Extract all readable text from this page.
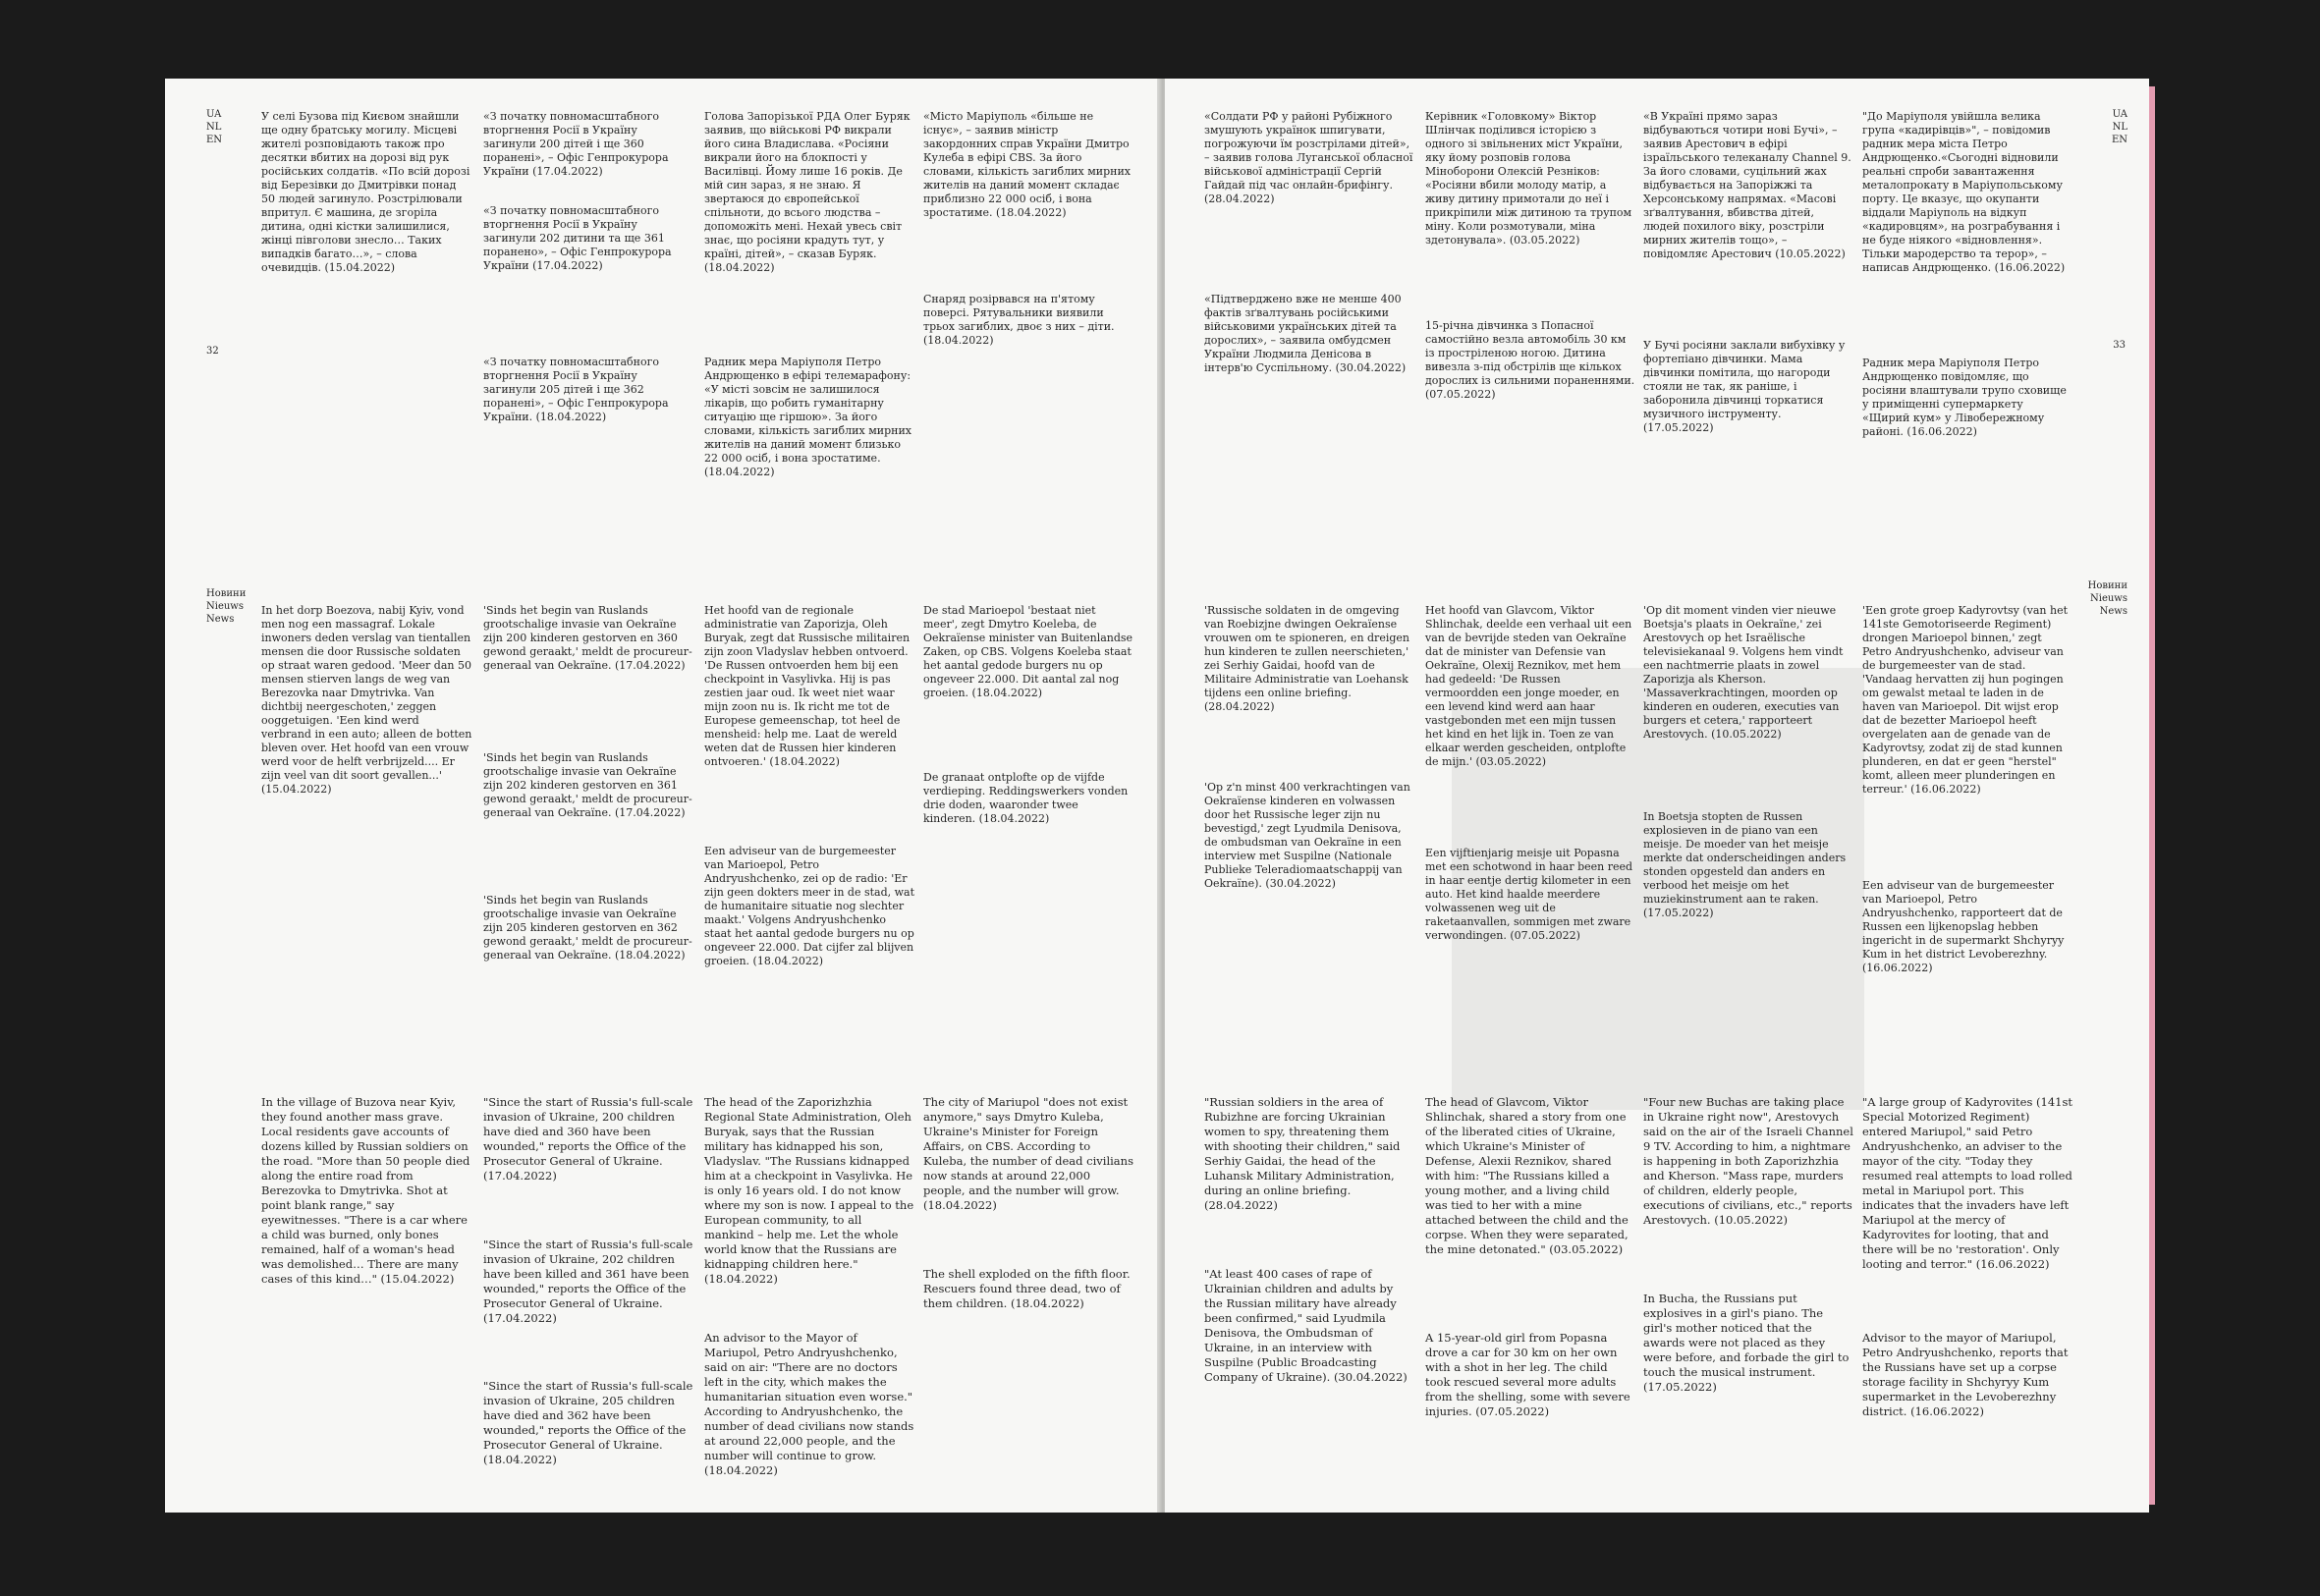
UA
NL
EN
32
Новини
Nieuws
News

У селі Бузова під Києвом знайшли ще одну братську могилу. Місцеві жителі розповідають також про десятки вбитих на дорозі від рук російських солдатів. «По всій дорозі від Березівки до Дмитрівки понад 50 людей загинуло. Розстрілювали впритул. Є машина, де згоріла дитина, одні кістки залишилися, жінці півголови знесло… Таких випадків багато…», – слова очевидців. (15.04.2022)

«З початку повномасштабного вторгнення Росії в Україну загинули 200 дітей і ще 360 поранені», – Офіс Генпрокурора України (17.04.2022)

«З початку повномасштабного вторгнення Росії в Україну загинули 202 дитини та ще 361 поранено», – Офіс Генпрокурора України (17.04.2022)

«З початку повномасштабного вторгнення Росії в Україну загинули 205 дітей і ще 362 поранені», – Офіс Генпрокурора України. (18.04.2022)

Голова Запорізької РДА Олег Буряк заявив, що військові РФ викрали його сина Владислава. «Росіяни викрали його на блокпості у Василівці. Йому лише 16 років. Де мій син зараз, я не знаю. Я звертаюся до європейської спільноти, до всього людства – допоможіть мені. Нехай увесь світ знає, що росіяни крадуть тут, у країні, дітей», – сказав Буряк. (18.04.2022)

Радник мера Маріуполя Петро Андрющенко в ефірі телемарафону: «У місті зовсім не залишилося лікарів, що робить гуманітарну ситуацію ще гіршою». За його словами, кількість загиблих мирних жителів на даний момент близько 22 000 осіб, і вона зростатиме. (18.04.2022)

«Місто Маріуполь «більше не існує», – заявив міністр закордонних справ України Дмитро Кулеба в ефірі CBS. За його словами, кількість загиблих мирних жителів на даний момент складає приблизно 22 000 осіб, і вона зростатиме. (18.04.2022)

Снаряд розірвався на п'ятому поверсі. Рятувальники виявили трьох загиблих, двоє з них – діти. (18.04.2022)

In het dorp Boezova, nabij Kyiv, vond men nog een massagraf. Lokale inwoners deden verslag van tientallen mensen die door Russische soldaten op straat waren gedood. 'Meer dan 50 mensen stierven langs de weg van Berezovka naar Dmytrivka. Van dichtbij neergeschoten,' zeggen ooggetuigen. 'Een kind werd verbrand in een auto; alleen de botten bleven over. Het hoofd van een vrouw werd voor de helft verbrijzeld.... Er zijn veel van dit soort gevallen...' (15.04.2022)

'Sinds het begin van Ruslands grootschalige invasie van Oekraïne zijn 200 kinderen gestorven en 360 gewond geraakt,' meldt de procureur-generaal van Oekraïne. (17.04.2022)

'Sinds het begin van Ruslands grootschalige invasie van Oekraïne zijn 202 kinderen gestorven en 361 gewond geraakt,' meldt de procureur-generaal van Oekraïne. (17.04.2022)

'Sinds het begin van Ruslands grootschalige invasie van Oekraïne zijn 205 kinderen gestorven en 362 gewond geraakt,' meldt de procureur-generaal van Oekraïne. (18.04.2022)

Het hoofd van de regionale administratie van Zaporizja, Oleh Buryak, zegt dat Russische militairen zijn zoon Vladyslav hebben ontvoerd. 'De Russen ontvoerden hem bij een checkpoint in Vasylivka. Hij is pas zestien jaar oud. Ik weet niet waar mijn zoon nu is. Ik richt me tot de Europese gemeenschap, tot heel de mensheid: help me. Laat de wereld weten dat de Russen hier kinderen ontvoeren.' (18.04.2022)

Een adviseur van de burgemeester van Marioepol, Petro Andryushchenko, zei op de radio: 'Er zijn geen dokters meer in de stad, wat de humanitaire situatie nog slechter maakt.' Volgens Andryushchenko staat het aantal gedode burgers nu op ongeveer 22.000. Dat cijfer zal blijven groeien. (18.04.2022)

De stad Marioepol 'bestaat niet meer', zegt Dmytro Koeleba, de Oekraïense minister van Buitenlandse Zaken, op CBS. Volgens Koeleba staat het aantal gedode burgers nu op ongeveer 22.000. Dit aantal zal nog groeien. (18.04.2022)

De granaat ontplofte op de vijfde verdieping. Reddingswerkers vonden drie doden, waaronder twee kinderen. (18.04.2022)

In the village of Buzova near Kyiv, they found another mass grave. Local residents gave accounts of dozens killed by Russian soldiers on the road. "More than 50 people died along the entire road from Berezovka to Dmytrivka. Shot at point blank range," say eyewitnesses. "There is a car where a child was burned, only bones remained, half of a woman's head was demolished… There are many cases of this kind…" (15.04.2022)

"Since the start of Russia's full-scale invasion of Ukraine, 200 children have died and 360 have been wounded," reports the Office of the Prosecutor General of Ukraine. (17.04.2022)

"Since the start of Russia's full-scale invasion of Ukraine, 202 children have been killed and 361 have been wounded," reports the Office of the Prosecutor General of Ukraine. (17.04.2022)

"Since the start of Russia's full-scale invasion of Ukraine, 205 children have died and 362 have been wounded," reports the Office of the Prosecutor General of Ukraine. (18.04.2022)

The head of the Zaporizhzhia Regional State Administration, Oleh Buryak, says that the Russian military has kidnapped his son, Vladyslav. "The Russians kidnapped him at a checkpoint in Vasylivka. He is only 16 years old. I do not know where my son is now. I appeal to the European community, to all mankind – help me. Let the whole world know that the Russians are kidnapping children here." (18.04.2022)

An advisor to the Mayor of Mariupol, Petro Andryushchenko, said on air: "There are no doctors left in the city, which makes the humanitarian situation even worse." According to Andryushchenko, the number of dead civilians now stands at around 22,000 people, and the number will continue to grow. (18.04.2022)

The city of Mariupol "does not exist anymore," says Dmytro Kuleba, Ukraine's Minister for Foreign Affairs, on CBS. According to Kuleba, the number of dead civilians now stands at around 22,000 people, and the number will grow. (18.04.2022)

The shell exploded on the fifth floor. Rescuers found three dead, two of them children. (18.04.2022)

UA
NL
EN
33
Новини
Nieuws
News

«Солдати РФ у районі Рубіжного змушують українок шпигувати, погрожуючи їм розстрілами дітей», – заявив голова Луганської обласної військової адміністрації Сергій Гайдай під час онлайн-брифінгу. (28.04.2022)

«Підтверджено вже не менше 400 фактів зґвалтувань російськими військовими українських дітей та дорослих», – заявила омбудсмен України Людмила Денісова в інтерв'ю Суспільному. (30.04.2022)

Керівник «Головкому» Віктор Шлінчак поділився історією з одного зі звільнених міст України, яку йому розповів голова Міноборони Олексій Резніков: «Росіяни вбили молоду матір, а живу дитину примотали до неї і прикріпили між дитиною та трупом міну. Коли розмотували, міна здетонувала». (03.05.2022)

15-річна дівчинка з Попасної самостійно везла автомобіль 30 км із простріленою ногою. Дитина вивезла з-під обстрілів ще кількох дорослих із сильними пораненнями. (07.05.2022)

«В Україні прямо зараз відбуваються чотири нові Бучі», – заявив Арестович в ефірі ізраїльського телеканалу Channel 9. За його словами, суцільний жах відбувається на Запоріжжі та Херсонському напрямах. «Масові зґвалтування, вбивства дітей, людей похилого віку, розстріли мирних жителів тощо», – повідомляє Арестович (10.05.2022)

У Бучі росіяни заклали вибухівку у фортепіано дівчинки. Мама дівчинки помітила, що нагороди стояли не так, як раніше, і заборонила дівчинці торкатися музичного інструменту. (17.05.2022)

"До Маріуполя увійшла велика група «кадирівців»", – повідомив радник мера міста Петро Андрющенко.«Сьогодні відновили реальні спроби завантаження металопрокату в Маріупольському порту. Це вказує, що окупанти віддали Маріуполь на відкуп «кадировцям», на розграбування і не буде ніякого «відновлення». Тільки мародерство та терор», – написав Андрющенко. (16.06.2022)

Радник мера Маріуполя Петро Андрющенко повідомляє, що росіяни влаштували трупо сховище у приміщенні супермаркету «Щирий кум» у Лівобережному районі. (16.06.2022)

'Russische soldaten in de omgeving van Roebizjne dwingen Oekraïense vrouwen om te spioneren, en dreigen hun kinderen te zullen neerschieten,' zei Serhiy Gaidai, hoofd van de Militaire Administratie van Loehansk tijdens een online briefing. (28.04.2022)

'Op z'n minst 400 verkrachtingen van Oekraïense kinderen en volwassen door het Russische leger zijn nu bevestigd,' zegt Lyudmila Denisova, de ombudsman van Oekraïne in een interview met Suspilne (Nationale Publieke Teleradiomaatschappij van Oekraïne). (30.04.2022)

Het hoofd van Glavcom, Viktor Shlinchak, deelde een verhaal uit een van de bevrijde steden van Oekraïne dat de minister van Defensie van Oekraïne, Olexij Reznikov, met hem had gedeeld: 'De Russen vermoordden een jonge moeder, en een levend kind werd aan haar vastgebonden met een mijn tussen het kind en het lijk in. Toen ze van elkaar werden gescheiden, ontplofte de mijn.' (03.05.2022)

Een vijftienjarig meisje uit Popasna met een schotwond in haar been reed in haar eentje dertig kilometer in een auto. Het kind haalde meerdere volwassenen weg uit de raketaanvallen, sommigen met zware verwondingen. (07.05.2022)

'Op dit moment vinden vier nieuwe Boetsja's plaats in Oekraïne,' zei Arestovych op het Israëlische televisiekanaal 9. Volgens hem vindt een nachtmerrie plaats in zowel Zaporizja als Kherson. 'Massaverkrachtingen, moorden op kinderen en ouderen, executies van burgers et cetera,' rapporteert Arestovych. (10.05.2022)

In Boetsja stopten de Russen explosieven in de piano van een meisje. De moeder van het meisje merkte dat onderscheidingen anders stonden opgesteld dan anders en verbood het meisje om het muziekinstrument aan te raken. (17.05.2022)

'Een grote groep Kadyrovtsy (van het 141ste Gemotoriseerde Regiment) drongen Marioepol binnen,' zegt Petro Andryushchenko, adviseur van de burgemeester van de stad. 'Vandaag hervatten zij hun pogingen om gewalst metaal te laden in de haven van Marioepol. Dit wijst erop dat de bezetter Marioepol heeft overgelaten aan de genade van de Kadyrovtsy, zodat zij de stad kunnen plunderen, en dat er geen "herstel" komt, alleen meer plunderingen en terreur.' (16.06.2022)

Een adviseur van de burgemeester van Marioepol, Petro Andryushchenko, rapporteert dat de Russen een lijkenopslag hebben ingericht in de supermarkt Shchyryy Kum in het district Levoberezhny. (16.06.2022)

"Russian soldiers in the area of Rubizhne are forcing Ukrainian women to spy, threatening them with shooting their children," said Serhiy Gaidai, the head of the Luhansk Military Administration, during an online briefing. (28.04.2022)

"At least 400 cases of rape of Ukrainian children and adults by the Russian military have already been confirmed," said Lyudmila Denisova, the Ombudsman of Ukraine, in an interview with Suspilne (Public Broadcasting Company of Ukraine). (30.04.2022)

The head of Glavcom, Viktor Shlinchak, shared a story from one of the liberated cities of Ukraine, which Ukraine's Minister of Defense, Alexii Reznikov, shared with him: "The Russians killed a young mother, and a living child was tied to her with a mine attached between the child and the corpse. When they were separated, the mine detonated." (03.05.2022)

A 15-year-old girl from Popasna drove a car for 30 km on her own with a shot in her leg. The child took rescued several more adults from the shelling, some with severe injuries. (07.05.2022)

"Four new Buchas are taking place in Ukraine right now", Arestovych said on the air of the Israeli Channel 9 TV. According to him, a nightmare is happening in both Zaporizhzhia and Kherson. "Mass rape, murders of children, elderly people, executions of civilians, etc.," reports Arestovych. (10.05.2022)

In Bucha, the Russians put explosives in a girl's piano. The girl's mother noticed that the awards were not placed as they were before, and forbade the girl to touch the musical instrument. (17.05.2022)

"A large group of Kadyrovites (141st Special Motorized Regiment) entered Mariupol," said Petro Andryushchenko, an adviser to the mayor of the city. "Today they resumed real attempts to load rolled metal in Mariupol port. This indicates that the invaders have left Mariupol at the mercy of Kadyrovites for looting, that and there will be no 'restoration'. Only looting and terror." (16.06.2022)

Advisor to the mayor of Mariupol, Petro Andryushchenko, reports that the Russians have set up a corpse storage facility in Shchyryy Kum supermarket in the Levoberezhny district. (16.06.2022)
